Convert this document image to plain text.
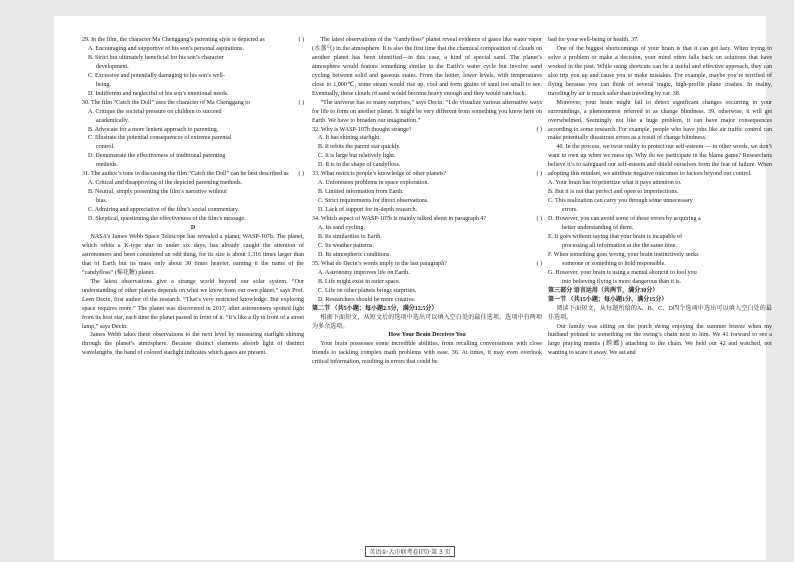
( )
29. In the film, the character Ma Chenggang’s parenting style is depicted as

A. Encouraging and supportive of his son’s personal aspirations.

B. Strict but ultimately beneficial for his son’s character

development.

C. Excessive and potentially damaging to his son’s well-

being.

D. Indifferent and neglectful of his son’s emotional needs.

( )
30. The film “Catch the Doll” uses the character of Ma Chenggang to

A. Critique the societal pressure on children to succeed

academically.

B. Advocate for a more lenient approach to parenting.

C. Illustrate the potential consequences of extreme parental

control.

D. Demonstrate the effectiveness of traditional parenting

methods.

( )
31. The author’s tone in discussing the film “Catch the Doll” can be best described as

A. Critical and disapproving of the depicted parenting methods.

B. Neutral, simply presenting the film’s narrative without

bias.

C. Admiring and appreciative of the film’s social commentary.

D. Skeptical, questioning the effectiveness of the film’s message.

D

NASA’s James Webb Space Telescope has revealed a planet, WASP-107b. The planet, which orbits a K-type star in under six days, has already caught the attention of astronomers and been considered an odd thing, for its size is about 1.316 times larger than that of Earth but its mass only about 30 times heavier, earning it the name of the “candyfloss” (棉花糖) planet.

The latest observations give a strange world beyond our solar system. “Our understanding of other planets depends on what we know from our own planet,” says Prof. Leen Decin, first author of the research. “That’s very restricted knowledge. But exploring space requires more.” The planet was discovered in 2017, after astronomers spotted light from its host star, each time the planet passed in front of it. “It’s like a fly in front of a street lamp,” says Decin.

James Webb takes these observations to the next level by measuring starlight shining through the planet’s atmosphere. Because distinct elements absorb light of distinct wavelengths, the band of colored starlight indicates which gases are present.

The latest observations of the “candyfloss” planet reveal evidence of gases like water vapor (水蒸气) in the atmosphere. It is also the first time that the chemical composition of clouds on another planet has been identified—in this case, a kind of special sand. The planet’s atmosphere would feature something similar to the Earth’s water cycle but involve sand cycling between solid and gaseous states. From the hotter, lower levels, with temperatures close to 1,000℃, some steam would rise up, cool and form grains of sand too small to see. Eventually, these clouds of sand would become heavy enough and they would rain back.

“The universe has so many surprises,” says Decin. “I do visualize various alternative ways for life to form on another planet. It might be very different from something you know here on Earth. We have to broaden our imagination.”

( )
32. Why is WASP-107b thought strange?

A. It has shining starlight.

B. It orbits the parent star quickly.

C. It is large but relatively light.

D. It is in the shape of candyfloss.

( )
33. What restricts people’s knowledge of other planets?

A. Unforeseen problems in space exploration.

B. Limited information from Earth.

C. Strict requirements for direct observations.

D. Lack of support for in-depth research.

( )
34. Which aspect of WASP-107b is mainly talked about in paragraph 4?

A. Its sand cycling.

B. Its similarities to Earth.

C. Its weather patterns.

D. Its atmospheric conditions.

( )
35. What do Decin’s words imply in the last paragraph?

A. Astronomy improves life on Earth.

B. Life might exist in outer space.

C. Life on other planets brings surprises.

D. Researchers should be more creative.

第二节 （共5小题；每小题2.5分，满分12.5分）

根据下面短文，从短文后的选项中选出可以填入空白处的最佳选项。选项中有两项为多余选项。

How Your Brain Deceives You

Your brain possesses some incredible abilities, from recalling conversations with close friends to tackling complex math problems with ease. 36. At times, it may even overlook critical information, resulting in errors that could be

bad for your well-being or health. 37.

One of the biggest shortcomings of your brain is that it can get lazy. When trying to solve a problem or make a decision, your mind often falls back on solutions that have worked in the past. While using shortcuts can be a useful and effective approach, they can also trip you up and cause you to make mistakes. For example, maybe you’re terrified of flying because you can think of several tragic, high-profile plane crashes. In reality, traveling by air is much safer than traveling by car. 38.

Moreover, your brain might fail to detect significant changes occurring in your surroundings, a phenomenon referred to as change blindness. 39. otherwise, it will get overwhelmed. Seemingly not like a huge problem, it can have major consequences according to some research. For example, people who have jobs like air traffic control can make potentially disastrous errors as a result of change blindness.

40. In the process, we twist reality to protect our self-esteem — in other words, we don’t want to own up when we mess up. Why do we participate in the blame game? Researchers believe it’s to safeguard our self-esteem and shield ourselves from the fear of failure. When adopting this mindset, we attribute negative outcomes to factors beyond our control.

A. Your brain has to prioritize what it pays attention to.

B. But it is not that perfect and open to imperfections.

C. This realization can carry you through some unnecessary

errors.

D. However, you can avoid some of these errors by acquiring a

better understanding of them.

E. It goes without saying that your brain is incapable of

processing all information at the the same time.

F. When something goes wrong, your brain instinctively seeks

someone or something to hold responsible.

G. However, your brain is using a mental shortcut to fool you

into believing flying is more dangerous than it is.

第三部分 语言运用（共两节，满分30分）

第一节 （共15小题；每小题1分，满分15分）

阅读下面短文，从每题所给的A、B、C、D四个选项中选出可以填入空白处的最佳选项。

Our family was sitting on the porch swing enjoying the summer breeze when my husband pointed to something on the swing’s chain next to him. We 41 forward to see a large praying mantis (螳螂) attaching to the chain. We held our 42 and watched, not wanting to scare it away. We sat and

英语①·大市联考卷(四)·第 3 页
